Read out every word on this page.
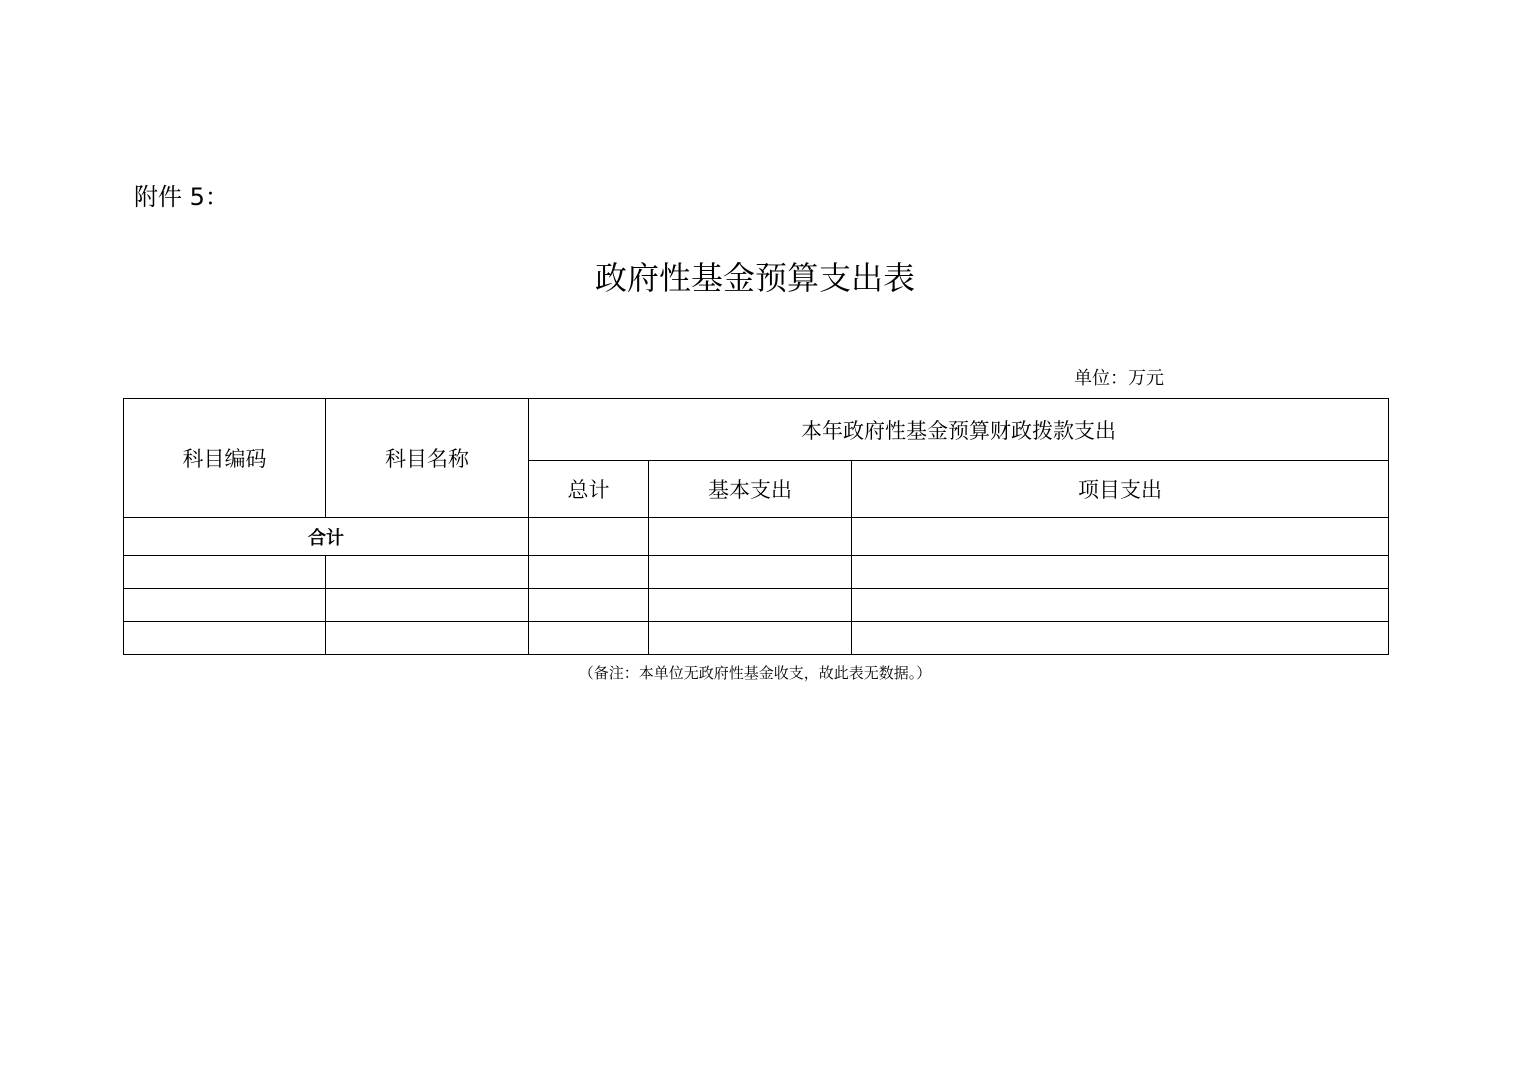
附件 5：
政府性基金预算支出表
单位：万元
科目编码	科目名称	本年政府性基金预算财政拨款支出		
		总计	基本支出	项目支出
合计				

（备注：本单位无政府性基金收支，故此表无数据。）
